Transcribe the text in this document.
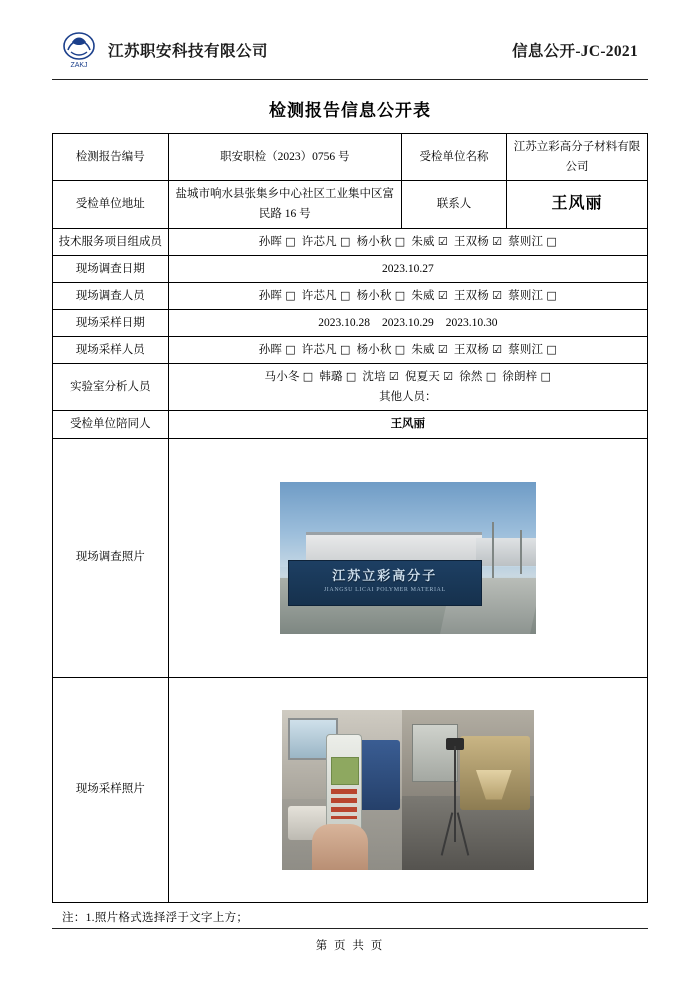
ZAKJ
江苏职安科技有限公司	信息公开-JC-2021
检测报告信息公开表
检测报告编号	职安职检（2023）0756 号	受检单位名称	江苏立彩高分子材料有限公司
受检单位地址	盐城市响水县张集乡中心社区工业集中区富民路 16 号	联系人	王风丽
技术服务项目组成员	孙晖 □ 许芯凡 □ 杨小秋 □ 朱威 ☑ 王双杨 ☑ 蔡则江 □		
现场调查日期	2023.10.27		
现场调查人员	孙晖 □ 许芯凡 □ 杨小秋 □ 朱威 ☑ 王双杨 ☑ 蔡则江 □		
现场采样日期	2023.10.28 2023.10.29 2023.10.30		
现场采样人员	孙晖 □ 许芯凡 □ 杨小秋 □ 朱威 ☑ 王双杨 ☑ 蔡则江 □		
实验室分析人员	马小冬 □ 韩璐 □ 沈培 ☑ 倪夏天 ☑ 徐然 □ 徐朗梓 □
其他人员：		

受检单位陪同人	王风丽		
现场调查照片	江苏立彩高分子
JIANGSU LICAI POLYMER MATERIAL		

现场采样照片			
注：1.照片格式选择浮于文字上方；
第 页 共 页
